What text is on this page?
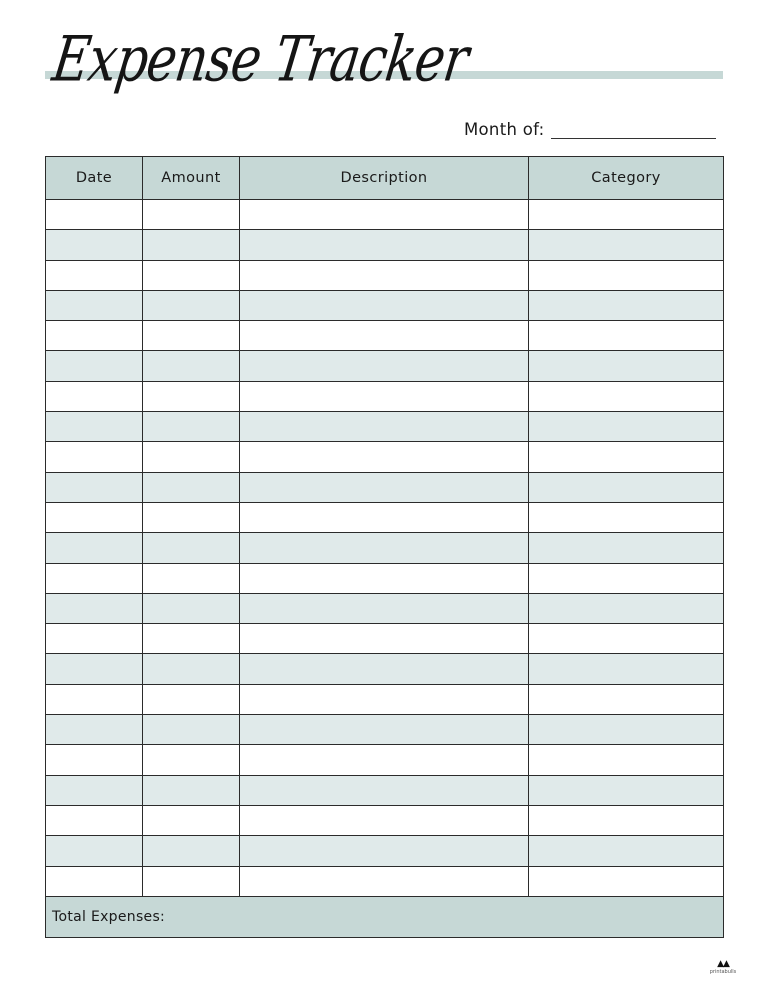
Expense Tracker
Month of:
Date	Amount	Description	Category

Total Expenses:			
▲▲
printabulls
